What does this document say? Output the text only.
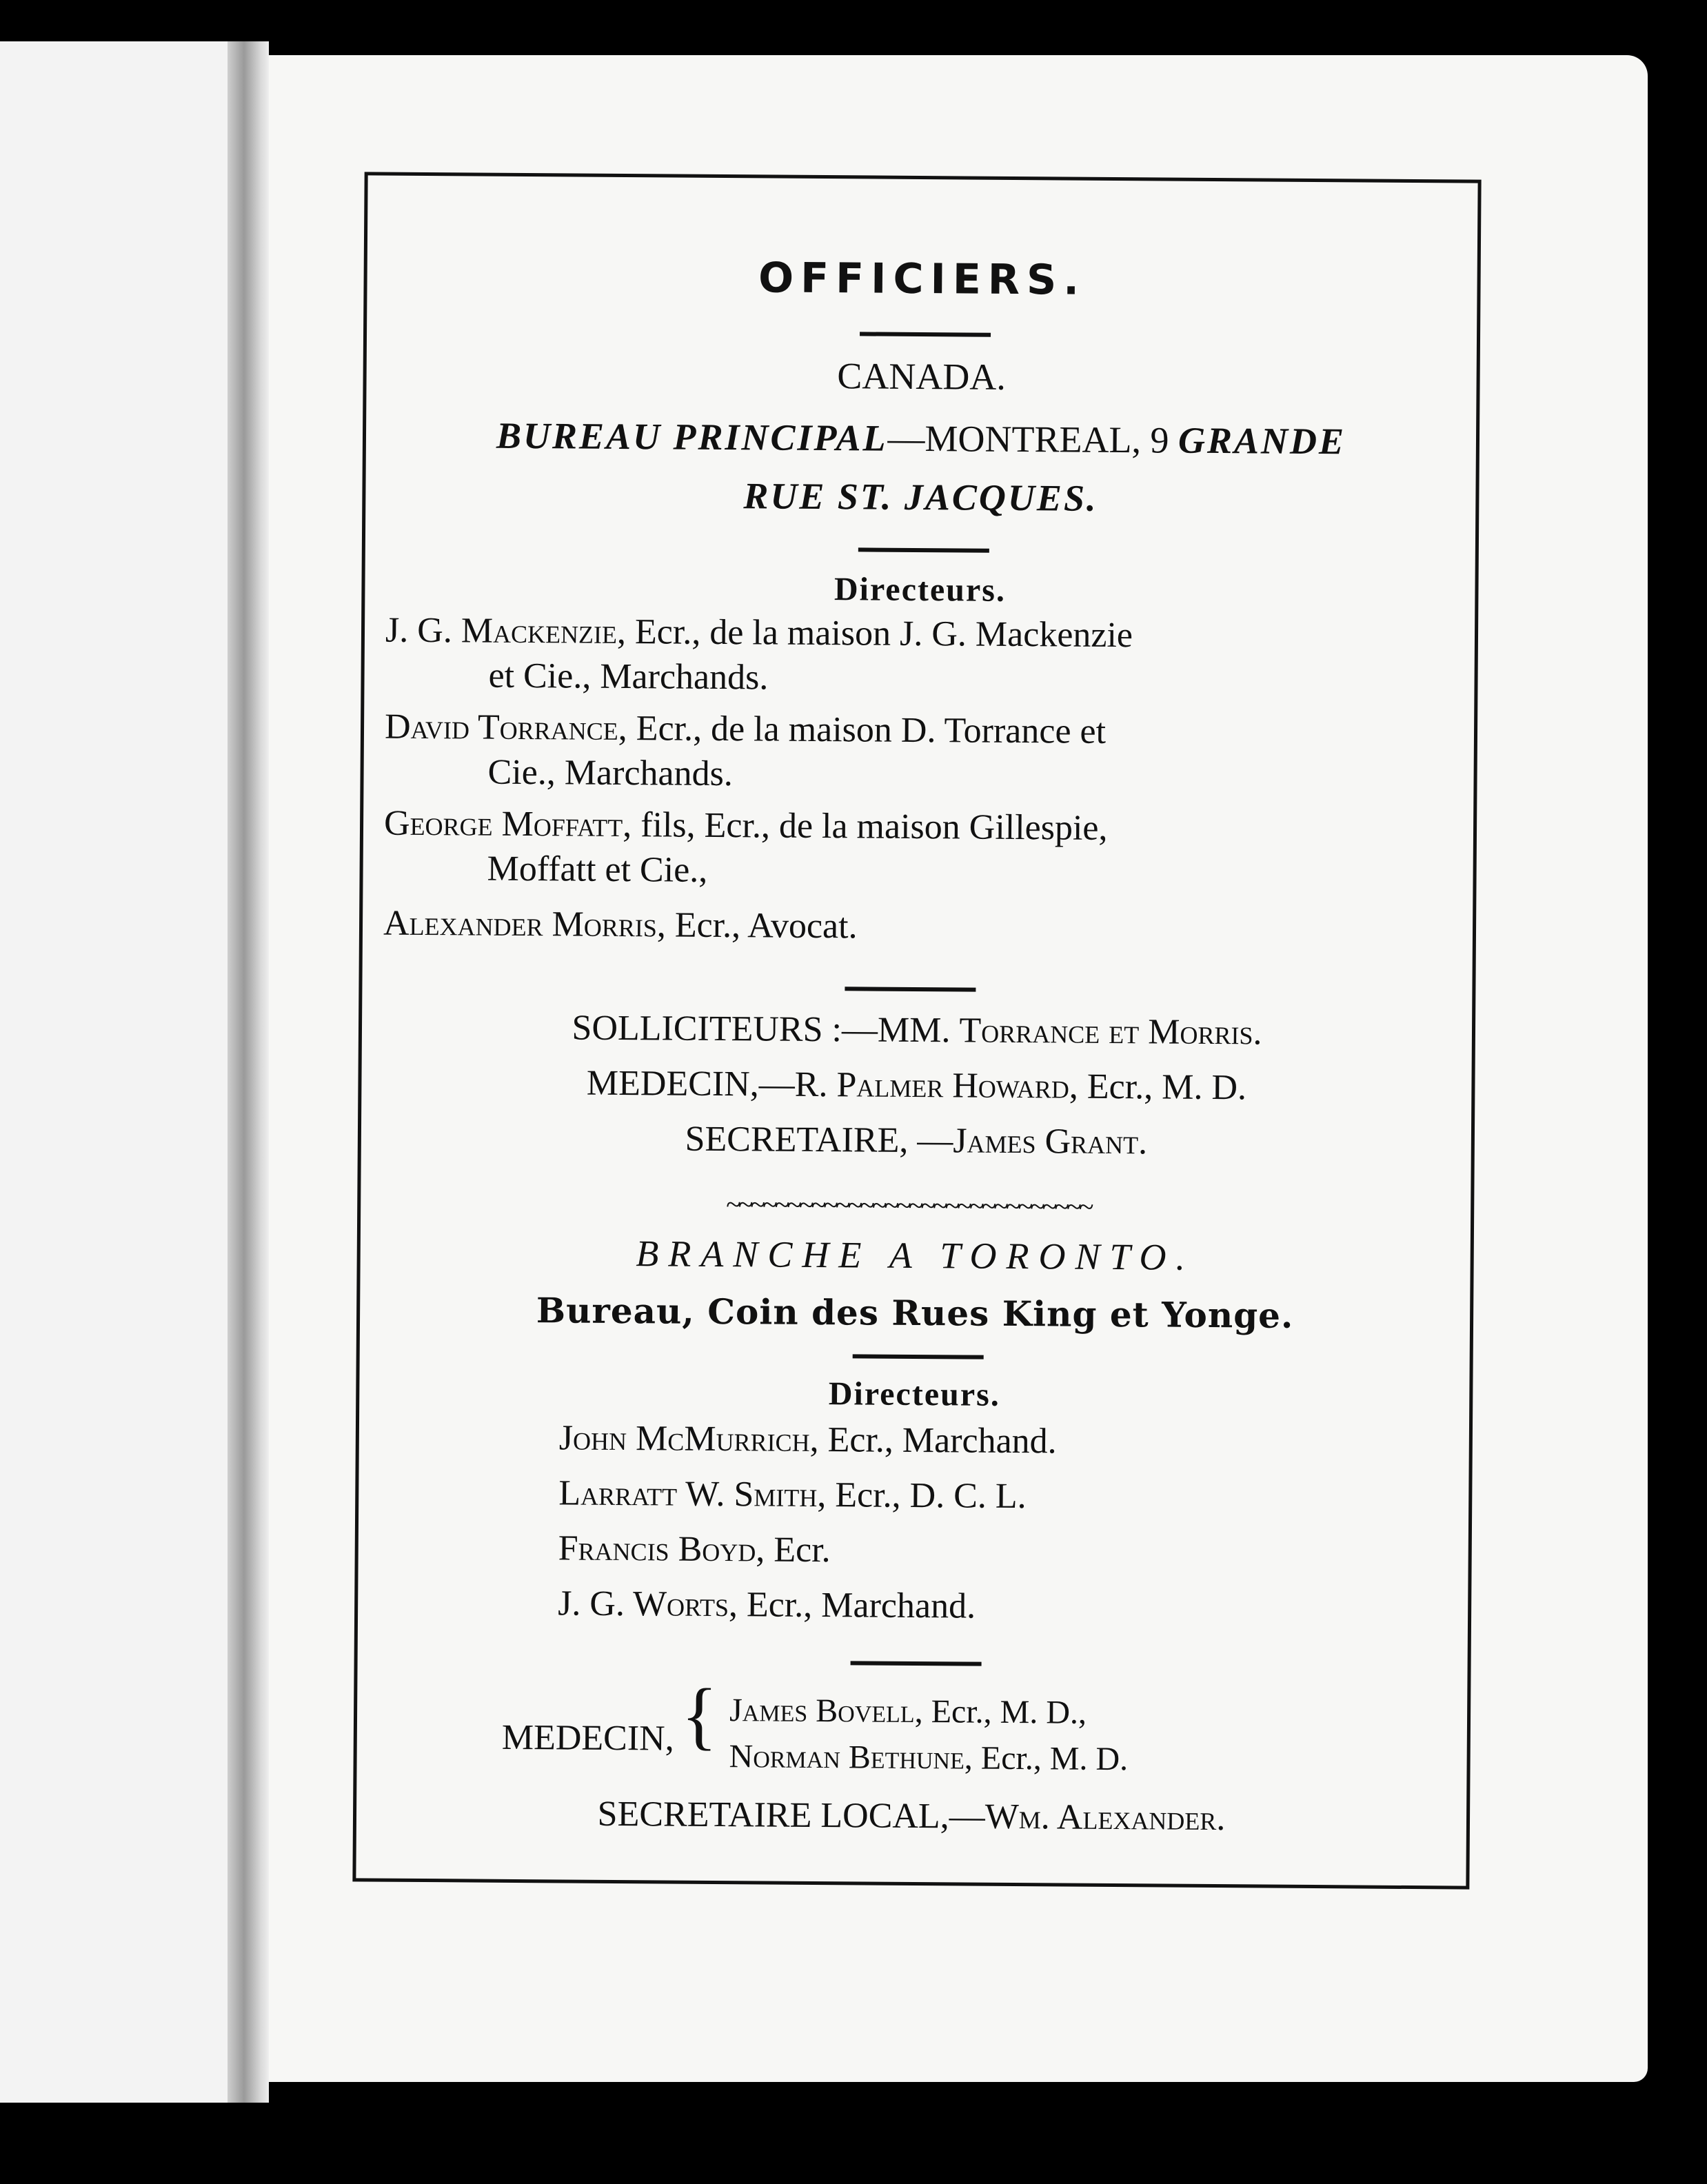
OFFICIERS.
CANADA.
BUREAU PRINCIPAL—MONTREAL, 9 GRANDE
RUE ST. JACQUES.
Directeurs.
J. G. Mackenzie, Ecr., de la maison J. G. Mackenzie
et Cie., Marchands.
David Torrance, Ecr., de la maison D. Torrance et
Cie., Marchands.
George Moffatt, fils, Ecr., de la maison Gillespie,
Moffatt et Cie.,
Alexander Morris, Ecr., Avocat.
SOLLICITEURS :—MM. Torrance et Morris.
MEDECIN,—R. Palmer Howard, Ecr., M. D.
SECRETAIRE, —James Grant.
~~~~~~~~~~~~~~~~~~~~~~~~~~~~~~
BRANCHE A TORONTO.
Bureau, Coin des Rues King et Yonge.
Directeurs.
John McMurrich, Ecr., Marchand.
Larratt W. Smith, Ecr., D. C. L.
Francis Boyd, Ecr.
J. G. Worts, Ecr., Marchand.
MEDECIN, { James Bovell, Ecr., M. D.,
Norman Bethune, Ecr., M. D.
SECRETAIRE LOCAL,—Wm. Alexander.
